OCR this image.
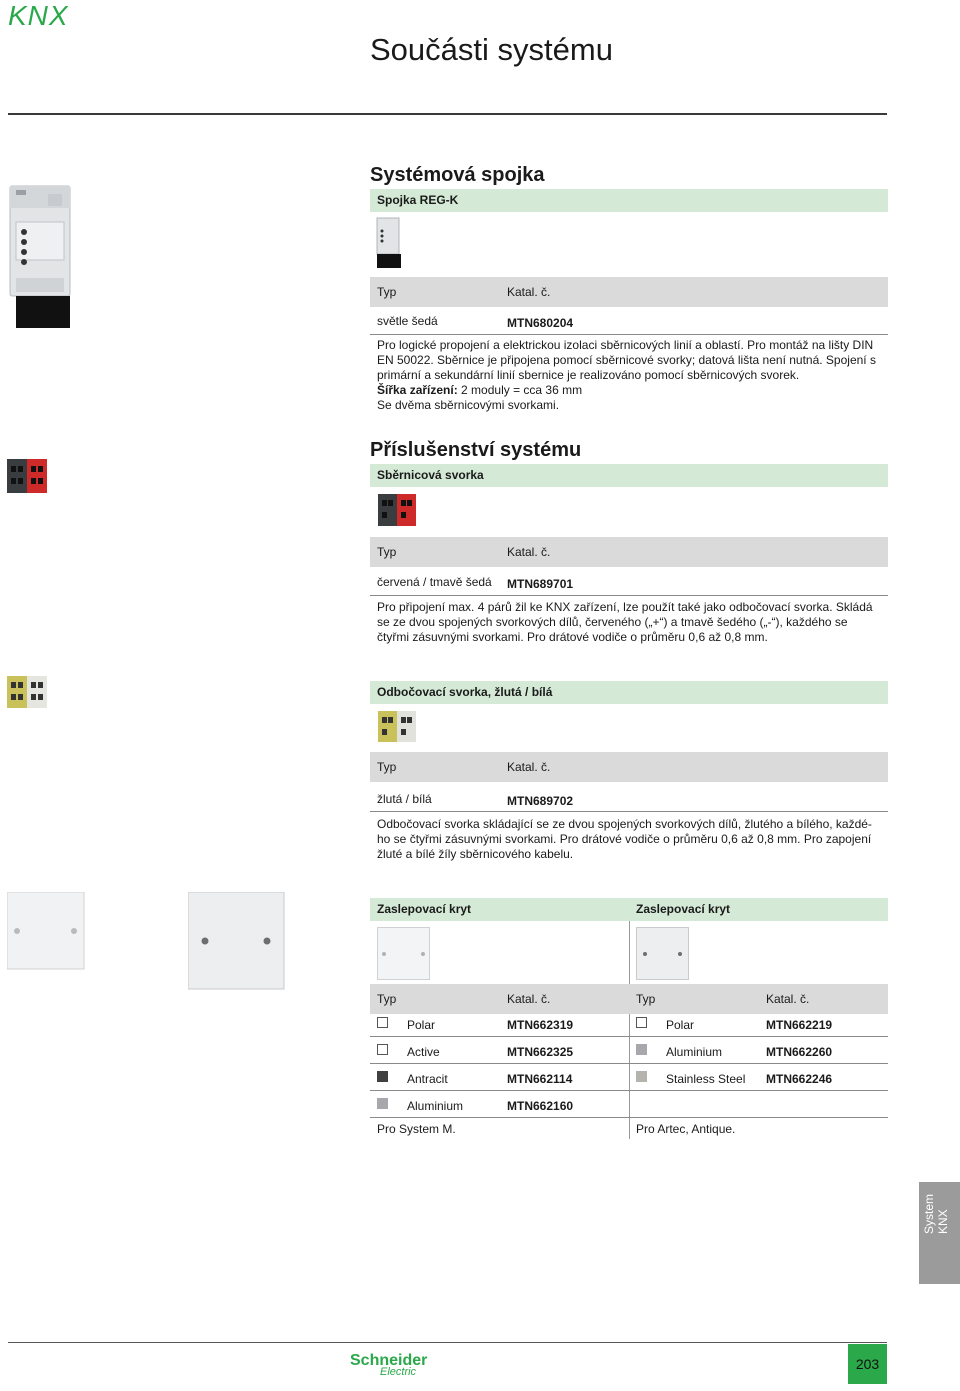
KNX
Součásti systému
Systémová spojka
Spojka REG-K
Typ	Katal. č.
světle šedá	MTN680204
Pro logické propojení a elektrickou izolaci sběrnicových linií a oblastí. Pro montáž na lišty DIN
EN 50022. Sběrnice je připojena pomocí sběrnicové svorky; datová lišta není nutná. Spojení s
primární a sekundární linií sbernice je realizováno pomocí sběrnicových svorek.
Šířka zařízení: 2 moduly = cca 36 mm
Se dvěma sběrnicovými svorkami.
Příslušenství systému
Sběrnicová svorka
Typ	Katal. č.
červená / tmavě šedá MTN689701
Pro připojení max. 4 párů žil ke KNX zařízení, lze použít také jako odbočovací svorka. Skládá
se ze dvou spojených svorkových dílů, červeného („+“) a tmavě šedého („-“), každého se
čtyřmi zásuvnými svorkami. Pro drátové vodiče o průměru 0,6 až 0,8 mm.
Odbočovací svorka, žlutá / bílá
Typ	Katal. č.
žlutá / bílá	MTN689702
Odbočovací svorka skládající se ze dvou spojených svorkových dílů, žlutého a bílého, každé-
ho se čtyřmi zásuvnými svorkami. Pro drátové vodiče o průměru 0,6 až 0,8 mm. Pro zapojení
žluté a bílé žíly sběrnicového kabelu.
Zaslepovací kryt	Zaslepovací kryt
Typ	Katal. č.	Typ	Katal. č.
Polar	MTN662319
Active	MTN662325
Antracit	MTN662114
Aluminium	MTN662160
Polar	MTN662219
Aluminium	MTN662260
Stainless Steel MTN662246
Pro System M.	Pro Artec, Antique.
System KNX
Schneider
Electric	203
